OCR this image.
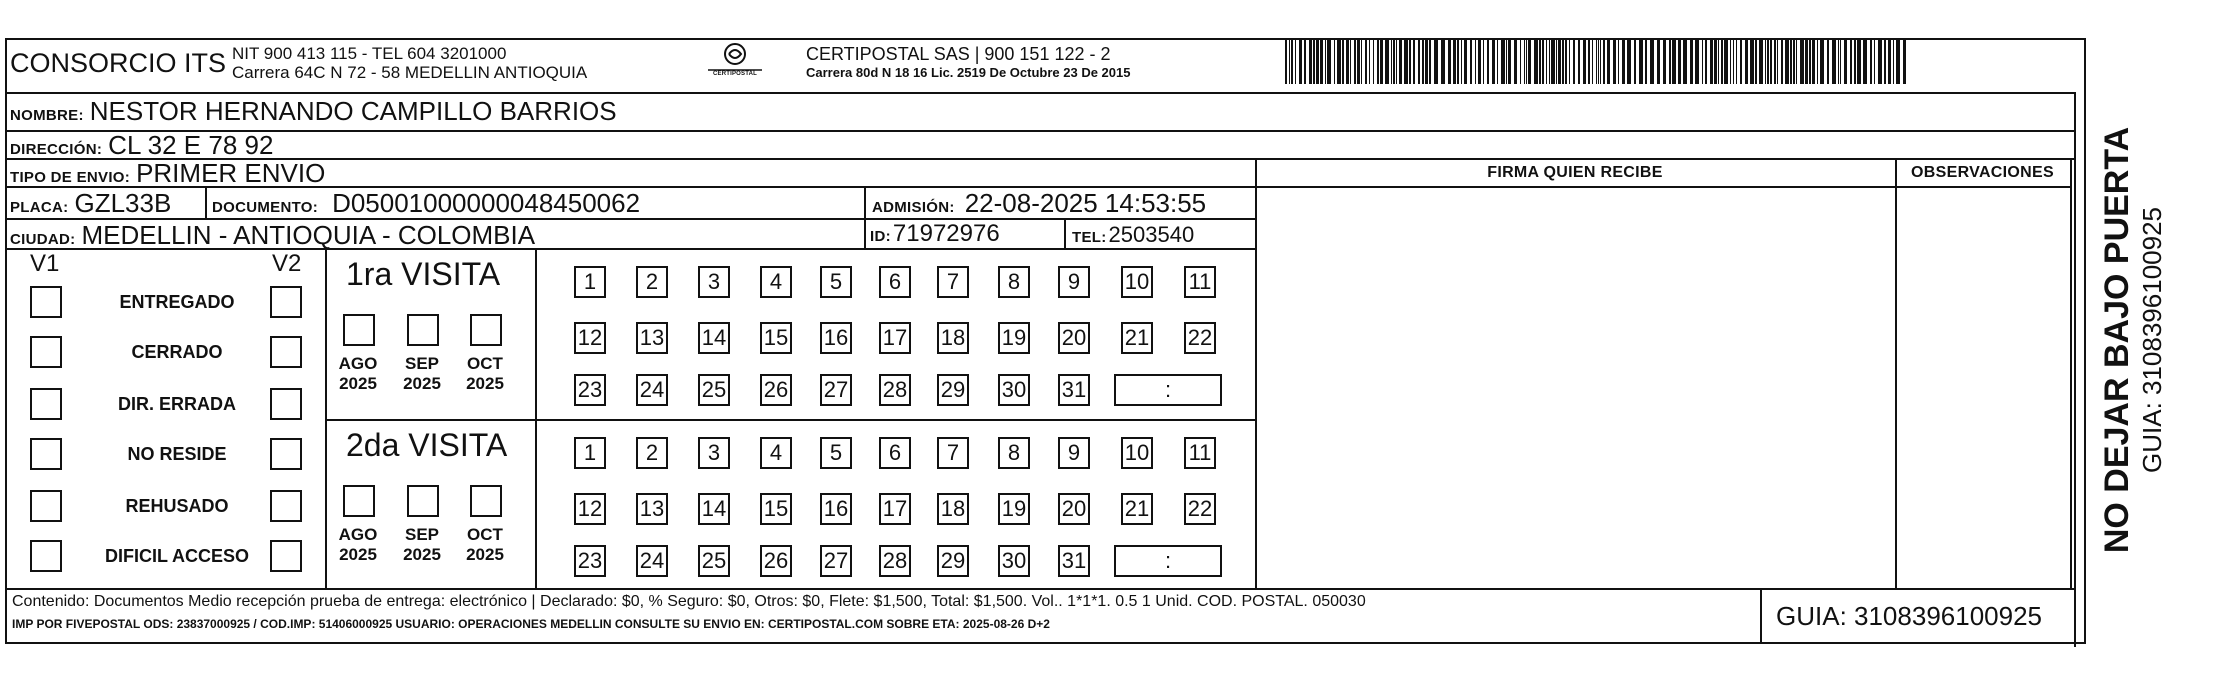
CONSORCIO ITS NIT 900 413 115 - TEL 604 3201000
Carrera 64C N 72 - 58 MEDELLIN ANTIOQUIA	CERTIPOSTAL
CERTIPOSTAL SAS | 900 151 122 - 2
Carrera 80d N 18 16 Lic. 2519 De Octubre 23 De 2015
NOMBRE: NESTOR HERNANDO CAMPILLO BARRIOS
DIRECCIÓN: CL 32 E 78 92
TIPO DE ENVIO: PRIMER ENVIO
PLACA: GZL33B	DOCUMENTO: D05001000000048450062	ADMISIÓN: 22-08-2025 14:53:55
CIUDAD: MEDELLIN - ANTIOQUIA - COLOMBIA	ID: 71972976	TEL: 2503540
FIRMA QUIEN RECIBE	OBSERVACIONES
V1	V2
ENTREGADO
CERRADO
DIR. ERRADA
NO RESIDE
REHUSADO
DIFICIL ACCESO
1ra VISITA
AGO
2025
SEP
2025
OCT
2025
1	2	3	4	5	6	7	8	9	10 11
12 13 14 15 16 17 18 19 20 21 22
23 24 25 26 27 28 29 30 31	:
2da VISITA
AGO
2025
SEP
2025
OCT
2025
1	2	3	4	5	6	7	8	9	10 11
12 13 14 15 16 17 18 19 20 21 22
23 24 25 26 27 28 29 30 31	:
Contenido: Documentos Medio recepción prueba de entrega: electrónico | Declarado: $0, % Seguro: $0, Otros: $0, Flete: $1,500, Total: $1,500. Vol.. 1*1*1. 0.5 1 Unid. COD. POSTAL. 050030
IMP POR FIVEPOSTAL ODS: 23837000925 / COD.IMP: 51406000925 USUARIO: OPERACIONES MEDELLIN CONSULTE SU ENVIO EN: CERTIPOSTAL.COM SOBRE ETA: 2025-08-26 D+2	GUIA: 3108396100925
NO DEJAR BAJO PUERTA GUIA: 3108396100925
